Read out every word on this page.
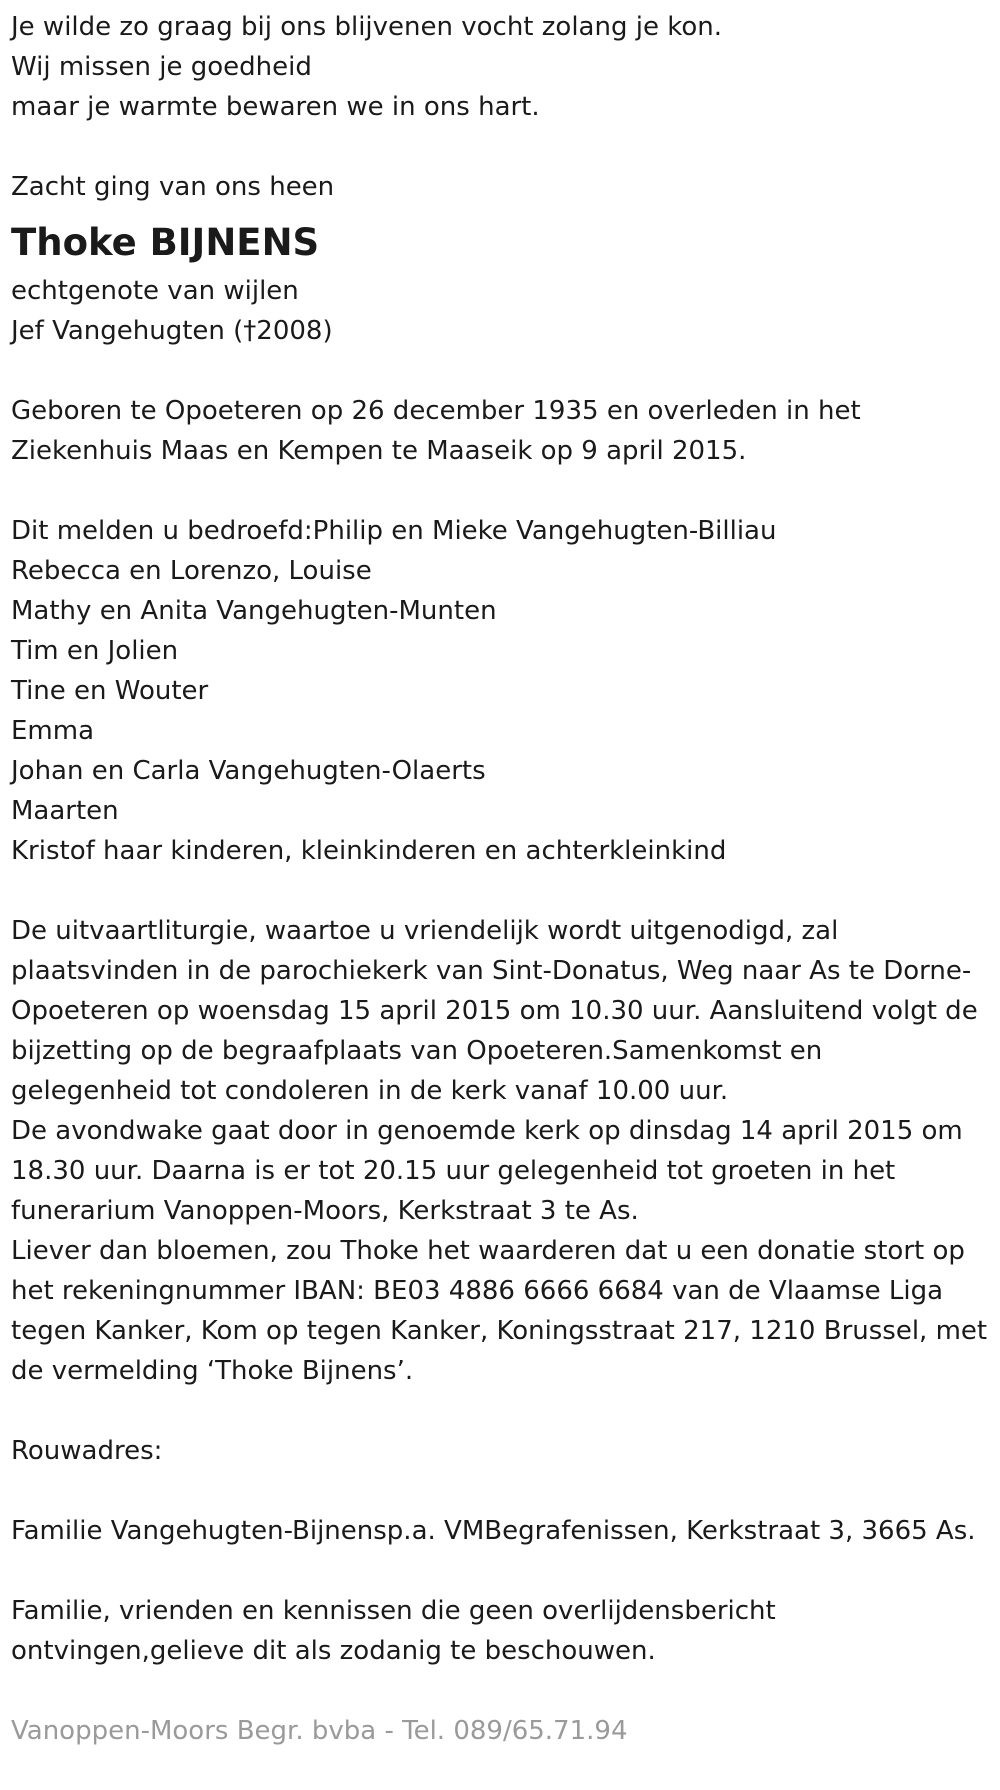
Je wilde zo graag bij ons blijvenen vocht zolang je kon.
Wij missen je goedheid
maar je warmte bewaren we in ons hart.
Zacht ging van ons heen
Thoke BIJNENS
echtgenote van wijlen
Jef Vangehugten (†2008)
Geboren te Opoeteren op 26 december 1935 en overleden in het
Ziekenhuis Maas en Kempen te Maaseik op 9 april 2015.
Dit melden u bedroefd:Philip en Mieke Vangehugten-Billiau
Rebecca en Lorenzo, Louise
Mathy en Anita Vangehugten-Munten
Tim en Jolien
Tine en Wouter
Emma
Johan en Carla Vangehugten-Olaerts
Maarten
Kristof haar kinderen, kleinkinderen en achterkleinkind
De uitvaartliturgie, waartoe u vriendelijk wordt uitgenodigd, zal
plaatsvinden in de parochiekerk van Sint-Donatus, Weg naar As te Dorne-
Opoeteren op woensdag 15 april 2015 om 10.30 uur. Aansluitend volgt de
bijzetting op de begraafplaats van Opoeteren.Samenkomst en
gelegenheid tot condoleren in de kerk vanaf 10.00 uur.
De avondwake gaat door in genoemde kerk op dinsdag 14 april 2015 om
18.30 uur. Daarna is er tot 20.15 uur gelegenheid tot groeten in het
funerarium Vanoppen-Moors, Kerkstraat 3 te As.
Liever dan bloemen, zou Thoke het waarderen dat u een donatie stort op
het rekeningnummer IBAN: BE03 4886 6666 6684 van de Vlaamse Liga
tegen Kanker, Kom op tegen Kanker, Koningsstraat 217, 1210 Brussel, met
de vermelding ‘Thoke Bijnens’.
Rouwadres:
Familie Vangehugten-Bijnensp.a. VMBegrafenissen, Kerkstraat 3, 3665 As.
Familie, vrienden en kennissen die geen overlijdensbericht
ontvingen,gelieve dit als zodanig te beschouwen.
Vanoppen-Moors Begr. bvba - Tel. 089/65.71.94
